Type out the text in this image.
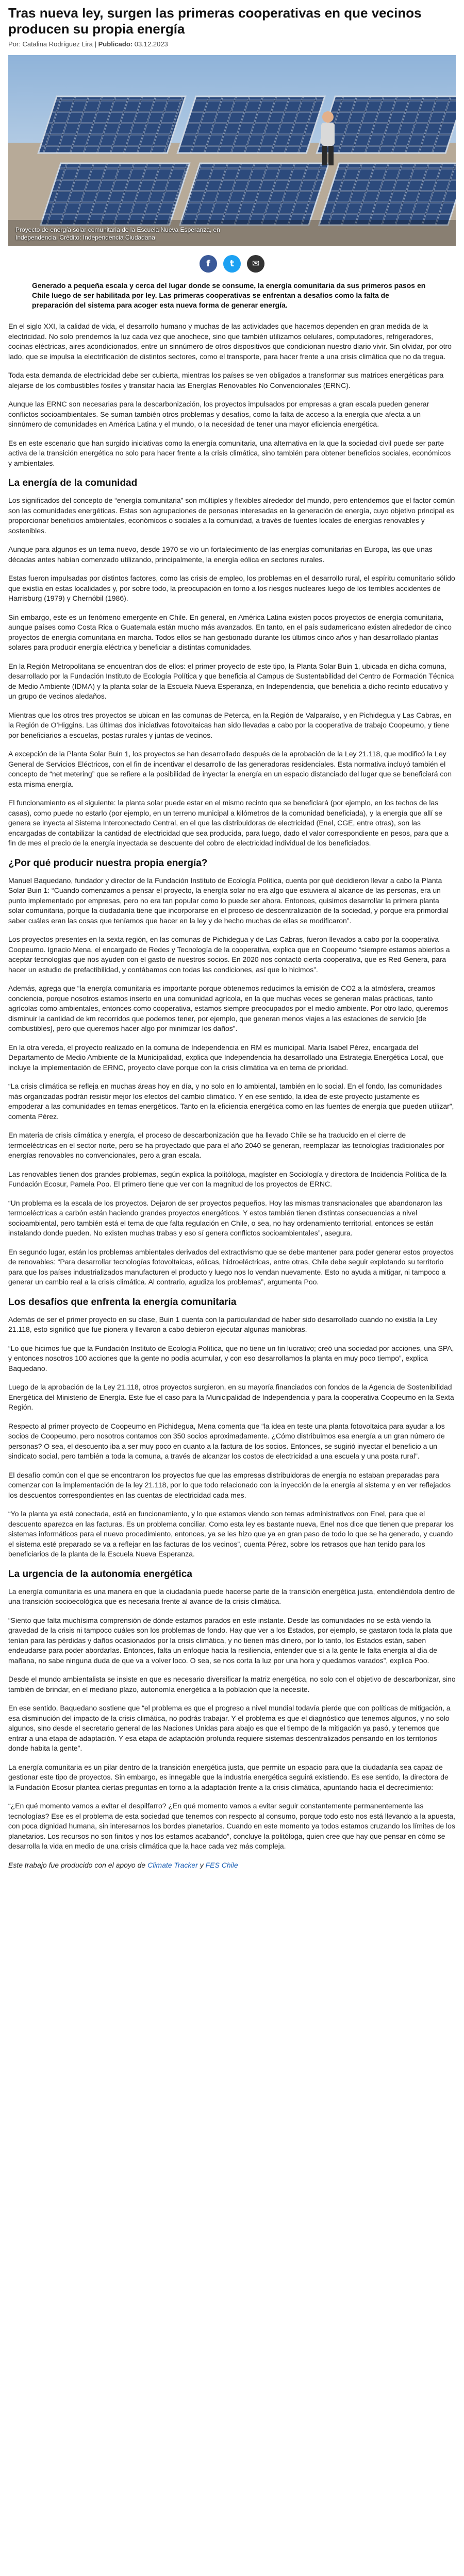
Tras nueva ley, surgen las primeras cooperativas en que vecinos producen su propia energía
Por: Catalina Rodríguez Lira | Publicado: 03.12.2023
Proyecto de energía solar comunitaria de la Escuela Nueva Esperanza, en Independencia. Crédito: Independencia Ciudadana
f	t	✉

Generado a pequeña escala y cerca del lugar donde se consume, la energía comunitaria da sus primeros pasos en Chile luego de ser habilitada por ley. Las primeras cooperativas se enfrentan a desafíos como la falta de preparación del sistema para acoger esta nueva forma de generar energía.

En el siglo XXI, la calidad de vida, el desarrollo humano y muchas de las actividades que hacemos dependen en gran medida de la electricidad. No solo prendemos la luz cada vez que anochece, sino que también utilizamos celulares, computadores, refrigeradores, cocinas eléctricas, aires acondicionados, entre un sinnúmero de otros dispositivos que condicionan nuestro diario vivir. Sin olvidar, por otro lado, que se impulsa la electrificación de distintos sectores, como el transporte, para hacer frente a una crisis climática que no da tregua.

Toda esta demanda de electricidad debe ser cubierta, mientras los países se ven obligados a transformar sus matrices energéticas para alejarse de los combustibles fósiles y transitar hacia las Energías Renovables No Convencionales (ERNC).

Aunque las ERNC son necesarias para la descarbonización, los proyectos impulsados por empresas a gran escala pueden generar conflictos socioambientales. Se suman también otros problemas y desafíos, como la falta de acceso a la energía que afecta a un sinnúmero de comunidades en América Latina y el mundo, o la necesidad de tener una mayor eficiencia energética.

Es en este escenario que han surgido iniciativas como la energía comunitaria, una alternativa en la que la sociedad civil puede ser parte activa de la transición energética no solo para hacer frente a la crisis climática, sino también para obtener beneficios sociales, económicos y ambientales.

La energía de la comunidad

Los significados del concepto de “energía comunitaria” son múltiples y flexibles alrededor del mundo, pero entendemos que el factor común son las comunidades energéticas. Estas son agrupaciones de personas interesadas en la generación de energía, cuyo objetivo principal es proporcionar beneficios ambientales, económicos o sociales a la comunidad, a través de fuentes locales de energías renovables y sostenibles.

Aunque para algunos es un tema nuevo, desde 1970 se vio un fortalecimiento de las energías comunitarias en Europa, las que unas décadas antes habían comenzado utilizando, principalmente, la energía eólica en sectores rurales.

Estas fueron impulsadas por distintos factores, como las crisis de empleo, los problemas en el desarrollo rural, el espíritu comunitario sólido que existía en estas localidades y, por sobre todo, la preocupación en torno a los riesgos nucleares luego de los terribles accidentes de Harrisburg (1979) y Chernóbil (1986).

Sin embargo, este es un fenómeno emergente en Chile. En general, en América Latina existen pocos proyectos de energía comunitaria, aunque países como Costa Rica o Guatemala están mucho más avanzados. En tanto, en el país sudamericano existen alrededor de cinco proyectos de energía comunitaria en marcha. Todos ellos se han gestionado durante los últimos cinco años y han desarrollado plantas solares para producir energía eléctrica y beneficiar a distintas comunidades.

En la Región Metropolitana se encuentran dos de ellos: el primer proyecto de este tipo, la Planta Solar Buin 1, ubicada en dicha comuna, desarrollado por la Fundación Instituto de Ecología Política y que beneficia al Campus de Sustentabilidad del Centro de Formación Técnica de Medio Ambiente (IDMA) y la planta solar de la Escuela Nueva Esperanza, en Independencia, que beneficia a dicho recinto educativo y un grupo de vecinos aledaños.

Mientras que los otros tres proyectos se ubican en las comunas de Peterca, en la Región de Valparaíso, y en Pichidegua y Las Cabras, en la Región de O’Higgins. Las últimas dos iniciativas fotovoltaicas han sido llevadas a cabo por la cooperativa de trabajo Coopeumo, y tiene por beneficiarios a escuelas, postas rurales y juntas de vecinos.

A excepción de la Planta Solar Buin 1, los proyectos se han desarrollado después de la aprobación de la Ley 21.118, que modificó la Ley General de Servicios Eléctricos, con el fin de incentivar el desarrollo de las generadoras residenciales. Esta normativa incluyó también el concepto de “net metering” que se refiere a la posibilidad de inyectar la energía en un espacio distanciado del lugar que se beneficiará con esta misma energía.

El funcionamiento es el siguiente: la planta solar puede estar en el mismo recinto que se beneficiará (por ejemplo, en los techos de las casas), como puede no estarlo (por ejemplo, en un terreno municipal a kilómetros de la comunidad beneficiada), y la energía que allí se genera se inyecta al Sistema Interconectado Central, en el que las distribuidoras de electricidad (Enel, CGE, entre otras), son las encargadas de contabilizar la cantidad de electricidad que sea producida, para luego, dado el valor correspondiente en pesos, para que a fin de mes el precio de la energía inyectada se descuente del cobro de electricidad individual de los beneficiados.

¿Por qué producir nuestra propia energía?

Manuel Baquedano, fundador y director de la Fundación Instituto de Ecología Política, cuenta por qué decidieron llevar a cabo la Planta Solar Buin 1: “Cuando comenzamos a pensar el proyecto, la energía solar no era algo que estuviera al alcance de las personas, era un punto implementado por empresas, pero no era tan popular como lo puede ser ahora. Entonces, quisimos desarrollar la primera planta solar comunitaria, porque la ciudadanía tiene que incorporarse en el proceso de descentralización de la sociedad, y porque era primordial saber cuáles eran las cosas que teníamos que hacer en la ley y de hecho muchas de ellas se modificaron”.

Los proyectos presentes en la sexta región, en las comunas de Pichidegua y de Las Cabras, fueron llevados a cabo por la cooperativa Coopeumo. Ignacio Mena, el encargado de Redes y Tecnología de la cooperativa, explica que en Coopeumo “siempre estamos abiertos a aceptar tecnologías que nos ayuden con el gasto de nuestros socios. En 2020 nos contactó cierta cooperativa, que es Red Genera, para hacer un estudio de prefactibilidad, y contábamos con todas las condiciones, así que lo hicimos”.

Además, agrega que “la energía comunitaria es importante porque obtenemos reducimos la emisión de CO2 a la atmósfera, creamos conciencia, porque nosotros estamos inserto en una comunidad agrícola, en la que muchas veces se generan malas prácticas, tanto agrícolas como ambientales, entonces como cooperativa, estamos siempre preocupados por el medio ambiente. Por otro lado, queremos disminuir la cantidad de km recorridos que podemos tener, por ejemplo, que generan menos viajes a las estaciones de servicio [de combustibles], pero que queremos hacer algo por minimizar los daños”.

En la otra vereda, el proyecto realizado en la comuna de Independencia en RM es municipal. María Isabel Pérez, encargada del Departamento de Medio Ambiente de la Municipalidad, explica que Independencia ha desarrollado una Estrategia Energética Local, que incluye la implementación de ERNC, proyecto clave porque con la crisis climática va en tema de prioridad.

“La crisis climática se refleja en muchas áreas hoy en día, y no solo en lo ambiental, también en lo social. En el fondo, las comunidades más organizadas podrán resistir mejor los efectos del cambio climático. Y en ese sentido, la idea de este proyecto justamente es empoderar a las comunidades en temas energéticos. Tanto en la eficiencia energética como en las fuentes de energía que pueden utilizar”, comenta Pérez.

En materia de crisis climática y energía, el proceso de descarbonización que ha llevado Chile se ha traducido en el cierre de termoeléctricas en el sector norte, pero se ha proyectado que para el año 2040 se generan, reemplazar las tecnologías tradicionales por energías renovables no convencionales, pero a gran escala.

Las renovables tienen dos grandes problemas, según explica la politóloga, magíster en Sociología y directora de Incidencia Política de la Fundación Ecosur, Pamela Poo. El primero tiene que ver con la magnitud de los proyectos de ERNC.

“Un problema es la escala de los proyectos. Dejaron de ser proyectos pequeños. Hoy las mismas transnacionales que abandonaron las termoeléctricas a carbón están haciendo grandes proyectos energéticos. Y estos también tienen distintas consecuencias a nivel socioambiental, pero también está el tema de que falta regulación en Chile, o sea, no hay ordenamiento territorial, entonces se están instalando donde pueden. No existen muchas trabas y eso sí genera conflictos socioambientales”, asegura.

En segundo lugar, están los problemas ambientales derivados del extractivismo que se debe mantener para poder generar estos proyectos de renovables: “Para desarrollar tecnologías fotovoltaicas, eólicas, hidroeléctricas, entre otras, Chile debe seguir explotando su territorio para que los países industrializados manufacturen el producto y luego nos lo vendan nuevamente. Esto no ayuda a mitigar, ni tampoco a generar un cambio real a la crisis climática. Al contrario, agudiza los problemas”, argumenta Poo.

Los desafíos que enfrenta la energía comunitaria

Además de ser el primer proyecto en su clase, Buin 1 cuenta con la particularidad de haber sido desarrollado cuando no existía la Ley 21.118, esto significó que fue pionera y llevaron a cabo debieron ejecutar algunas maniobras.

“Lo que hicimos fue que la Fundación Instituto de Ecología Política, que no tiene un fin lucrativo; creó una sociedad por acciones, una SPA, y entonces nosotros 100 acciones que la gente no podía acumular, y con eso desarrollamos la planta en muy poco tiempo”, explica Baquedano.

Luego de la aprobación de la Ley 21.118, otros proyectos surgieron, en su mayoría financiados con fondos de la Agencia de Sostenibilidad Energética del Ministerio de Energía. Este fue el caso para la Municipalidad de Independencia y para la cooperativa Coopeumo en la Sexta Región.

Respecto al primer proyecto de Coopeumo en Pichidegua, Mena comenta que “la idea en teste una planta fotovoltaica para ayudar a los socios de Coopeumo, pero nosotros contamos con 350 socios aproximadamente. ¿Cómo distribuimos esa energía a un gran número de personas? O sea, el descuento iba a ser muy poco en cuanto a la factura de los socios. Entonces, se sugirió inyectar el beneficio a un sindicato social, pero también a toda la comuna, a través de alcanzar los costos de electricidad a una escuela y una posta rural”.

El desafío común con el que se encontraron los proyectos fue que las empresas distribuidoras de energía no estaban preparadas para comenzar con la implementación de la ley 21.118, por lo que todo relacionado con la inyección de la energía al sistema y en ver reflejados los descuentos correspondientes en las cuentas de electricidad cada mes.

“Yo la planta ya está conectada, está en funcionamiento, y lo que estamos viendo son temas administrativos con Enel, para que el descuento aparezca en las facturas. Es un problema conciliar. Como esta ley es bastante nueva, Enel nos dice que tienen que preparar los sistemas informáticos para el nuevo procedimiento, entonces, ya se les hizo que ya en gran paso de todo lo que se ha generado, y cuando el sistema esté preparado se va a reflejar en las facturas de los vecinos”, cuenta Pérez, sobre los retrasos que han tenido para los beneficiarios de la planta de la Escuela Nueva Esperanza.

La urgencia de la autonomía energética

La energía comunitaria es una manera en que la ciudadanía puede hacerse parte de la transición energética justa, entendiéndola dentro de una transición socioecológica que es necesaria frente al avance de la crisis climática.

“Siento que falta muchísima comprensión de dónde estamos parados en este instante. Desde las comunidades no se está viendo la gravedad de la crisis ni tampoco cuáles son los problemas de fondo. Hay que ver a los Estados, por ejemplo, se gastaron toda la plata que tenían para las pérdidas y daños ocasionados por la crisis climática, y no tienen más dinero, por lo tanto, los Estados están, saben endeudarse para poder abordarlas. Entonces, falta un enfoque hacia la resiliencia, entender que si a la gente le falta energía al día de mañana, no sabe ninguna duda de que va a volver loco. O sea, se nos corta la luz por una hora y quedamos varados”, explica Poo.

Desde el mundo ambientalista se insiste en que es necesario diversificar la matriz energética, no solo con el objetivo de descarbonizar, sino también de brindar, en el mediano plazo, autonomía energética a la población que la necesite.

En ese sentido, Baquedano sostiene que “el problema es que el progreso a nivel mundial todavía pierde que con políticas de mitigación, a esa disminución del impacto de la crisis climática, no podrás trabajar. Y el problema es que el diagnóstico que tenemos algunos, y no solo algunos, sino desde el secretario general de las Naciones Unidas para abajo es que el tiempo de la mitigación ya pasó, y tenemos que entrar a una etapa de adaptación. Y esa etapa de adaptación profunda requiere sistemas descentralizados pensando en los territorios donde habita la gente”.

La energía comunitaria es un pilar dentro de la transición energética justa, que permite un espacio para que la ciudadanía sea capaz de gestionar este tipo de proyectos. Sin embargo, es innegable que la industria energética seguirá existiendo. Es ese sentido, la directora de la Fundación Ecosur plantea ciertas preguntas en torno a la adaptación frente a la crisis climática, apuntando hacia el decrecimiento:

“¿En qué momento vamos a evitar el despilfarro? ¿En qué momento vamos a evitar seguir constantemente permanentemente las tecnologías? Ese es el problema de esta sociedad que tenemos con respecto al consumo, porque todo esto nos está llevando a la apuesta, con poca dignidad humana, sin interesarnos los bordes planetarios. Cuando en este momento ya todos estamos cruzando los límites de los planetarios. Los recursos no son finitos y nos los estamos acabando”, concluye la politóloga, quien cree que hay que pensar en cómo se desarrolla la vida en medio de una crisis climática que la hace cada vez más compleja.

Este trabajo fue producido con el apoyo de Climate Tracker y FES Chile
